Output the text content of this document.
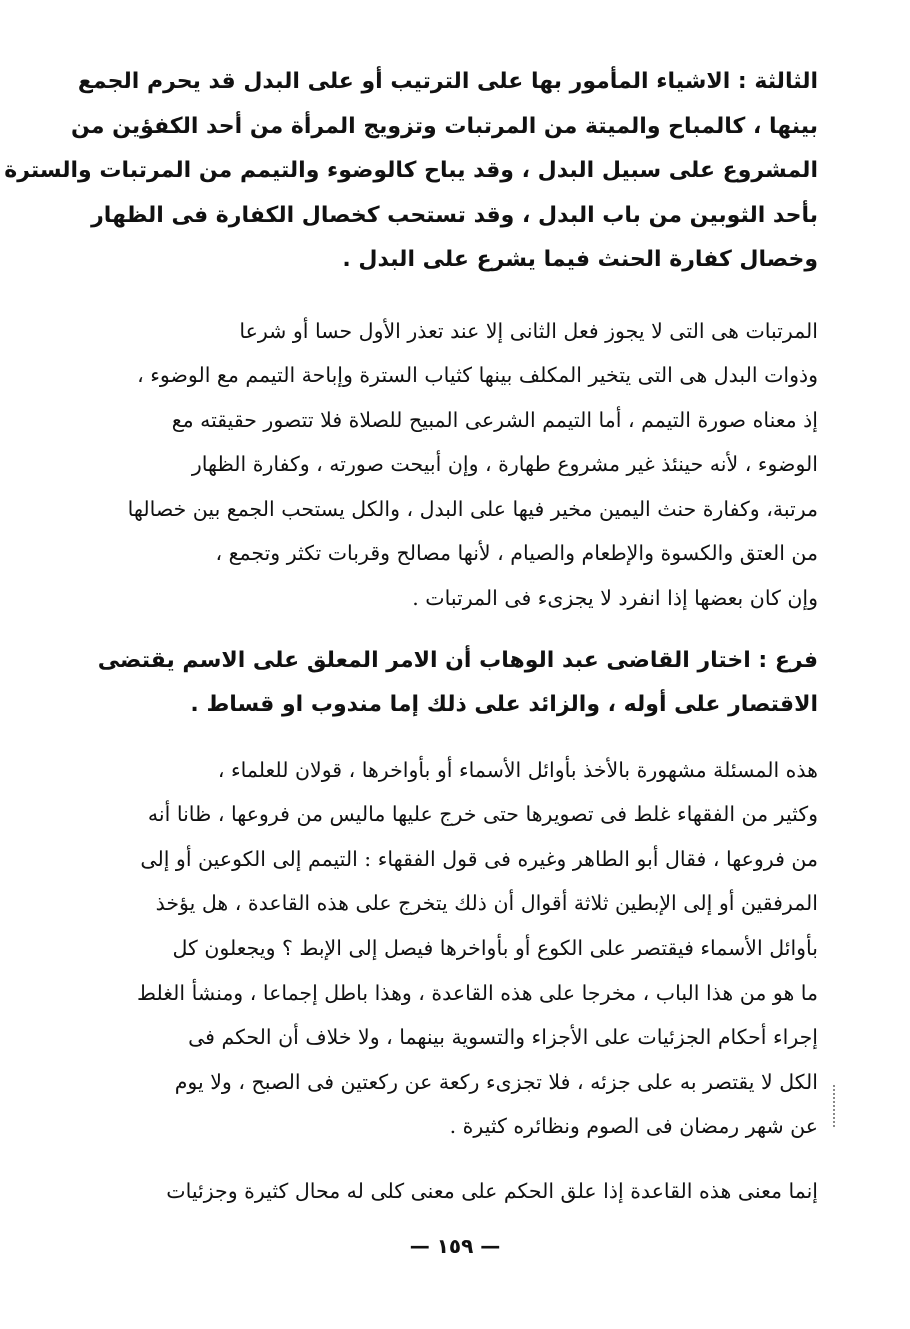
الثالثة : الاشياء المأمور بها على الترتيب أو على البدل قد يحرم الجمع
بينها ، كالمباح والميتة من المرتبات وتزويج المرأة من أحد الكفؤين من
المشروع على سبيل البدل ، وقد يباح كالوضوء والتيمم من المرتبات والسترة
بأحد الثوبين من باب البدل ، وقد تستحب كخصال الكفارة فى الظهار
وخصال كفارة الحنث فيما يشرع على البدل .

المرتبات هى التى لا يجوز فعل الثانى إلا عند تعذر الأول حسا أو شرعا
وذوات البدل هى التى يتخير المكلف بينها كثياب السترة وإباحة التيمم مع الوضوء ،
إذ معناه صورة التيمم ، أما التيمم الشرعى المبيح للصلاة فلا تتصور حقيقته مع
الوضوء ، لأنه حينئذ غير مشروع طهارة ، وإن أبيحت صورته ، وكفارة الظهار
مرتبة، وكفارة حنث اليمين مخير فيها على البدل ، والكل يستحب الجمع بين خصالها
من العتق والكسوة والإطعام والصيام ، لأنها مصالح وقربات تكثر وتجمع ،
وإن كان بعضها إذا انفرد لا يجزىء فى المرتبات .

فرع : اختار القاضى عبد الوهاب أن الامر المعلق على الاسم يقتضى
الاقتصار على أوله ، والزائد على ذلك إما مندوب او قساط .

هذه المسئلة مشهورة بالأخذ بأوائل الأسماء أو بأواخرها ، قولان للعلماء ،
وكثير من الفقهاء غلط فى تصويرها حتى خرج عليها ماليس من فروعها ، ظانا أنه
من فروعها ، فقال أبو الطاهر وغيره فى قول الفقهاء : التيمم إلى الكوعين أو إلى
المرفقين أو إلى الإبطين ثلاثة أقوال أن ذلك يتخرج على هذه القاعدة ، هل يؤخذ
بأوائل الأسماء فيقتصر على الكوع أو بأواخرها فيصل إلى الإبط ؟ ويجعلون كل
ما هو من هذا الباب ، مخرجا على هذه القاعدة ، وهذا باطل إجماعا ، ومنشأ الغلط
إجراء أحكام الجزئيات على الأجزاء والتسوية بينهما ، ولا خلاف أن الحكم فى
الكل لا يقتصر به على جزئه ، فلا تجزىء ركعة عن ركعتين فى الصبح ، ولا يوم
عن شهر رمضان فى الصوم ونظائره كثيرة .

إنما معنى هذه القاعدة إذا علق الحكم على معنى كلى له محال كثيرة وجزئيات

— ١٥٩ —
